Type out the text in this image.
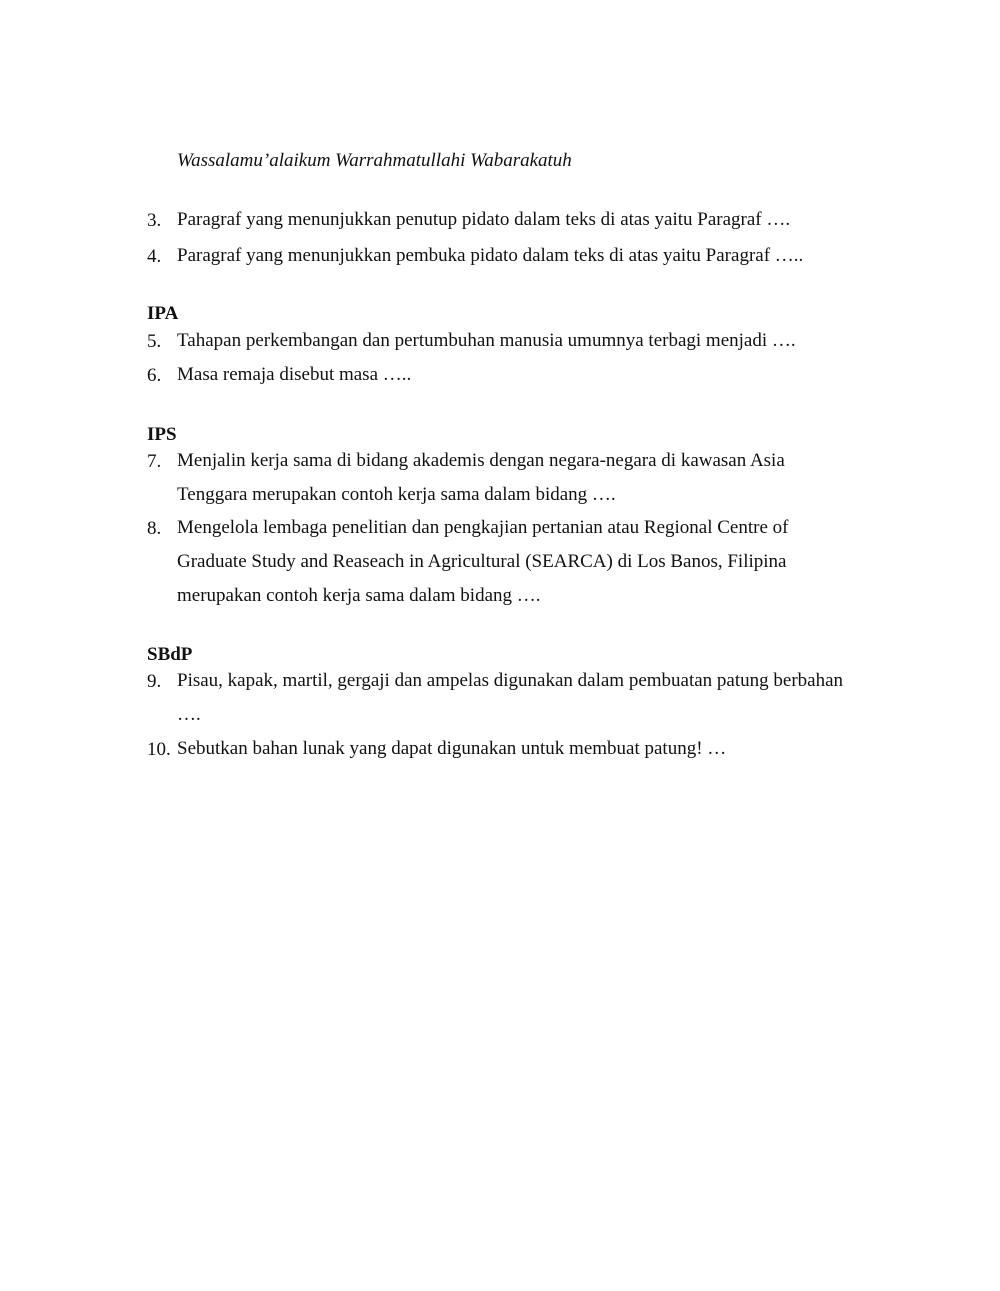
Wassalamu’alaikum Warrahmatullahi Wabarakatuh
3. Paragraf yang menunjukkan penutup pidato dalam teks di atas yaitu Paragraf ….
4. Paragraf yang menunjukkan pembuka pidato dalam teks di atas yaitu Paragraf …..
IPA
5. Tahapan perkembangan dan pertumbuhan manusia umumnya terbagi menjadi ….
6. Masa remaja disebut masa …..
IPS
7. Menjalin kerja sama di bidang akademis dengan negara-negara di kawasan Asia
Tenggara merupakan contoh kerja sama dalam bidang ….
8. Mengelola lembaga penelitian dan pengkajian pertanian atau Regional Centre of
Graduate Study and Reaseach in Agricultural (SEARCA) di Los Banos, Filipina
merupakan contoh kerja sama dalam bidang ….
SBdP
9. Pisau, kapak, martil, gergaji dan ampelas digunakan dalam pembuatan patung berbahan
….
10. Sebutkan bahan lunak yang dapat digunakan untuk membuat patung! …
